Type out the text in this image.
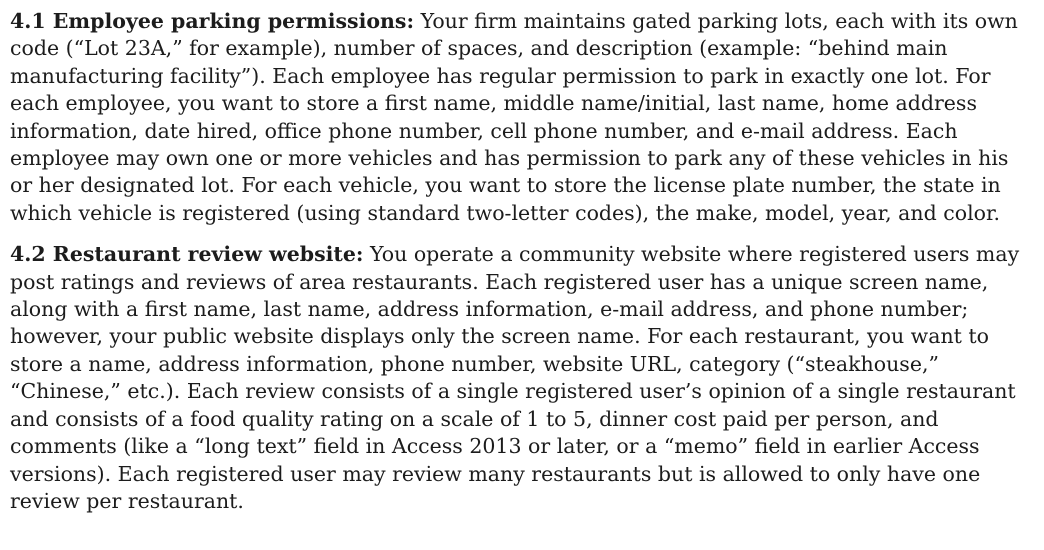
4.1 Employee parking permissions: Your firm maintains gated parking lots, each with its own code (“Lot 23A,” for example), number of spaces, and description (example: “behind main manufacturing facility”). Each employee has regular permission to park in exactly one lot. For each employee, you want to store a first name, middle name/initial, last name, home address information, date hired, office phone number, cell phone number, and e-mail address. Each employee may own one or more vehicles and has permission to park any of these vehicles in his or her designated lot. For each vehicle, you want to store the license plate number, the state in which vehicle is registered (using standard two-letter codes), the make, model, year, and color.

4.2 Restaurant review website: You operate a community website where registered users may post ratings and reviews of area restaurants. Each registered user has a unique screen name, along with a first name, last name, address information, e-mail address, and phone number; however, your public website displays only the screen name. For each restaurant, you want to store a name, address information, phone number, website URL, category (“steakhouse,” “Chinese,” etc.). Each review consists of a single registered user’s opinion of a single restaurant and consists of a food quality rating on a scale of 1 to 5, dinner cost paid per person, and comments (like a “long text” field in Access 2013 or later, or a “memo” field in earlier Access versions). Each registered user may review many restaurants but is allowed to only have one review per restaurant.
